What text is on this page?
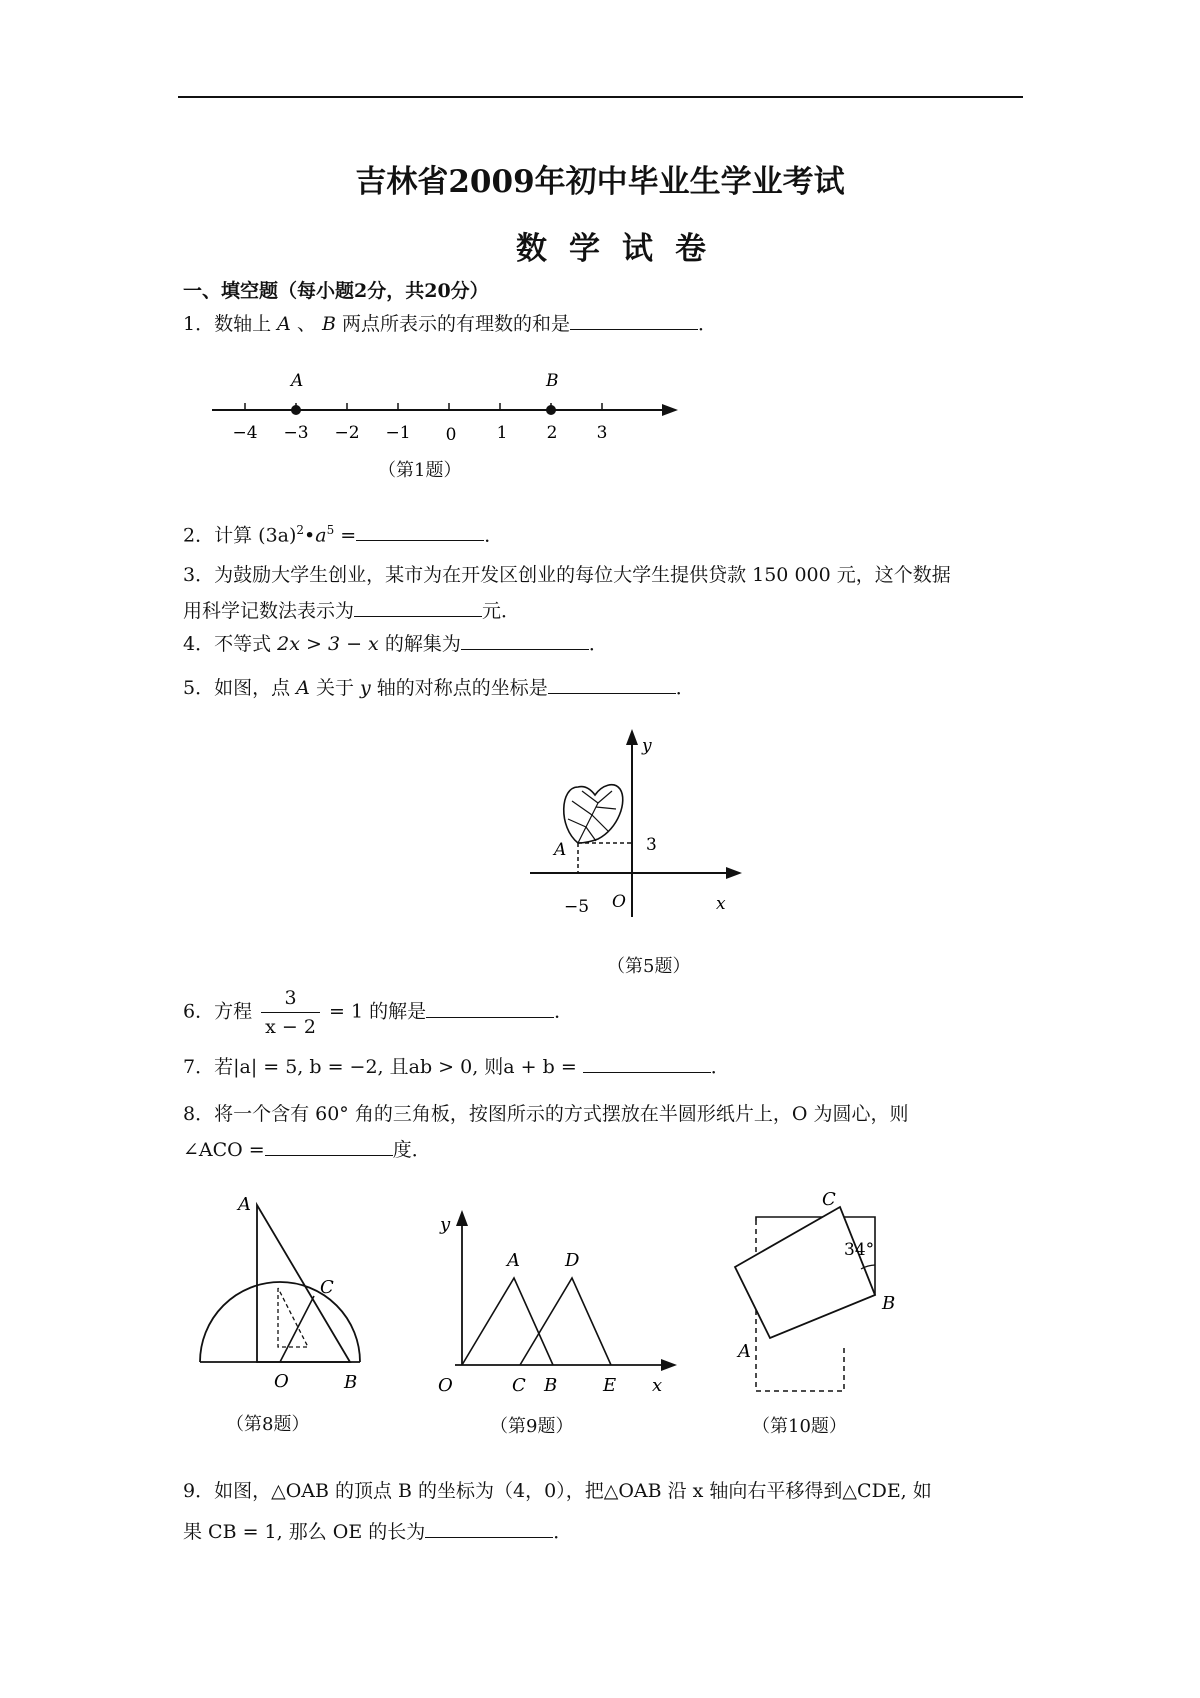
吉林省2009年初中毕业生学业考试
数学试卷
一、填空题（每小题2分，共20分）
1．数轴上 A 、 B 两点所表示的有理数的和是	．
A	B
−4 −3 −2 −1 0 1 2 3
（第1题）
2．计算 $(3a)^2•a^5$ =	．
3．为鼓励大学生创业，某市为在开发区创业的每位大学生提供贷款 150 000 元，这个数据
用科学记数法表示为	元．
4．不等式 2x > 3 − x 的解集为	．
5．如图，点 A 关于 y 轴的对称点的坐标是	．
y
x
O
A	3
−5
（第5题）
6．方程 $\frac{3}{x - 2} = 1$ 的解是	．
7．若|a| = 5, b = −2, 且ab > 0, 则a + b =	．
8．将一个含有 60° 角的三角板，按图所示的方式摆放在半圆形纸片上，O 为圆心，则
∠ACO =	度．
A
C
O	B
（第8题）
y
A	D
O	C B	E x
（第9题）
C
34°
B
A
（第10题）
9．如图，△OAB 的顶点 B 的坐标为（4，0），把△OAB 沿 x 轴向右平移得到△CDE, 如
果 CB = 1, 那么 OE 的长为	．
